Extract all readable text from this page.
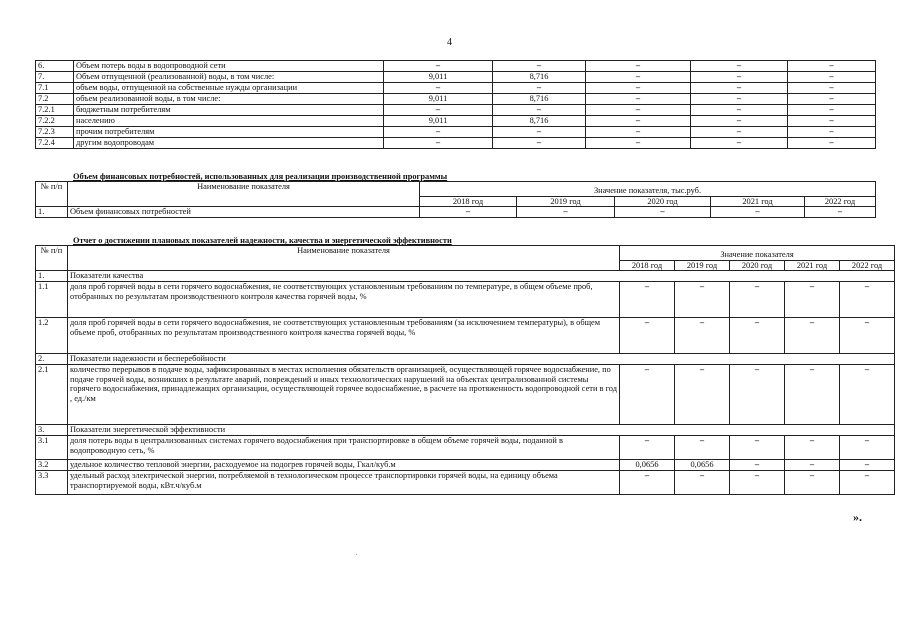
4
6.	Объем потерь воды в водопроводной сети	–	–	–	–	–

7.	Объем отпущенной (реализованной) воды, в том числе:	9,011	8,716	–	–	–

7.1	объем воды, отпущенной на собственные нужды организации	–	–	–	–	–

7.2	объем реализованной воды, в том числе:	9,011	8,716	–	–	–

7.2.1	бюджетным потребителям	–	–	–	–	–

7.2.2	населению	9,011	8,716	–	–	–

7.2.3	прочим потребителям	–	–	–	–	–

7.2.4	другим водопроводам	–	–	–	–	–
Объем финансовых потребностей, использованных для реализации производственной программы
№ п/п	Наименование показателя	Значение показателя, тыс.руб.				
		2018 год	2019 год	2020 год	2021 год	2022 год
1.	Объем финансовых потребностей	–	–	–	–	–
Отчет о достижении плановых показателей надежности, качества и энергетической эффективности
№ п/п	Наименование показателя	Значение показателя				
		2018 год	2019 год	2020 год	2021 год	2022 год
1.	Показатели качества					
1.1	доля проб горячей воды в сети горячего водоснабжения, не соответствующих установленным требованиям по температуре, в общем объеме проб, отобранных по результатам производственного контроля качества горячей воды, %	–	–	–	–	–

1.2	доля проб горячей воды в сети горячего водоснабжения, не соответствующих установленным требованиям (за исключением температуры), в общем объеме проб, отобранных по результатам производственного контроля качества горячей воды, %	–	–	–	–	–

2.	Показатели надежности и бесперебойности					
2.1	количество перерывов в подаче воды, зафиксированных в местах исполнения обязательств организацией, осуществляющей горячее водоснабжение, по подаче горячей воды, возникших в результате аварий, повреждений и иных технологических нарушений на объектах централизованной системы горячего водоснабжения, принадлежащих организации, осуществляющей горячее водоснабжение, в расчете на протяженность водопроводной сети в год , ед./км	–	–	–	–	–

3.	Показатели энергетической эффективности					
3.1	доля потерь воды в централизованных системах горячего водоснабжения при транспортировке в общем объеме горячей воды, поданной в водопроводную сеть, %	–	–	–	–	–

3.2	удельное количество тепловой энергии, расходуемое на подогрев горячей воды, Гкал/куб.м	0,0656	0,0656	–	–	–

3.3	удельный расход электрической энергии, потребляемой в технологическом процессе транспортировки горячей воды, на единицу объема транспортируемой воды, кВт.ч/куб.м	–	–	–	–	–
».
.
